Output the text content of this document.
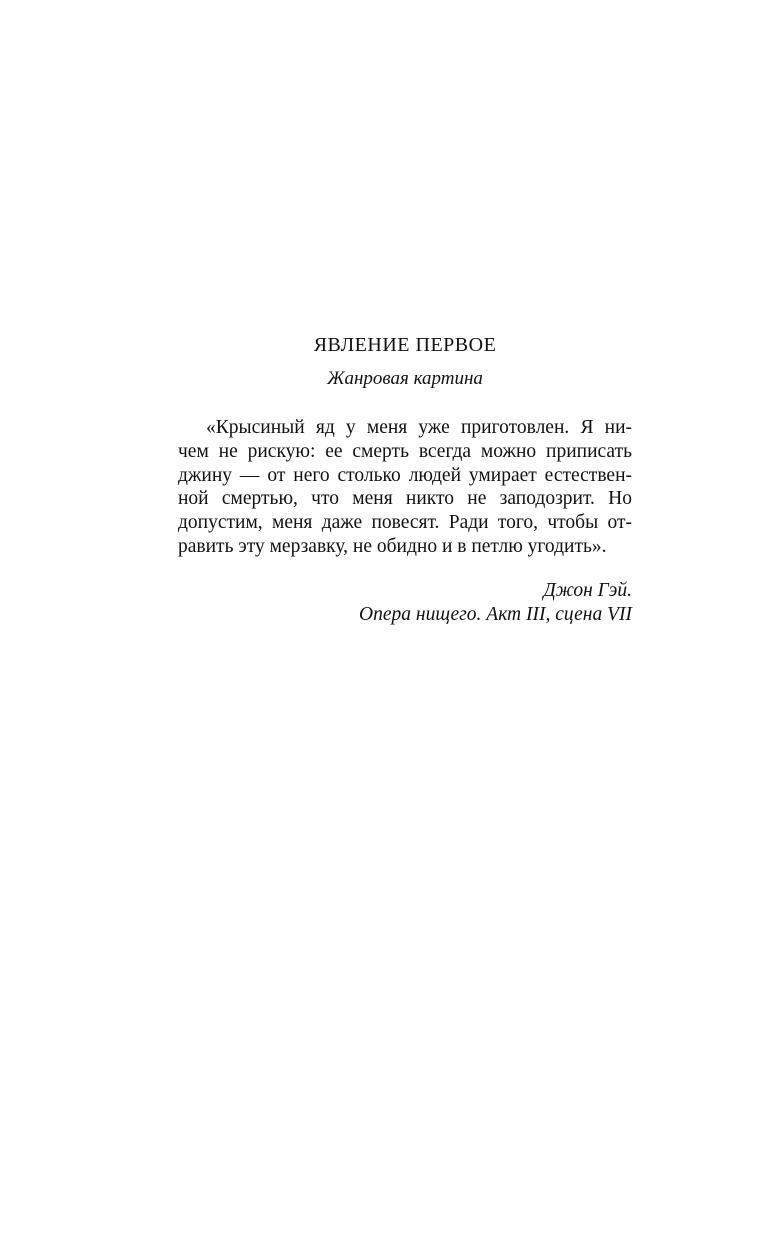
ЯВЛЕНИЕ ПЕРВОЕ
Жанровая картина

«Крысиный яд у меня уже приготовлен. Я ни-
чем не рискую: ее смерть всегда можно приписать
джину — от него столько людей умирает естествен-
ной смертью, что меня никто не заподозрит. Но
допустим, меня даже повесят. Ради того, чтобы от-
равить эту мерзавку, не обидно и в петлю угодить».

Джон Гэй.
Опера нищего. Акт III, сцена VII
